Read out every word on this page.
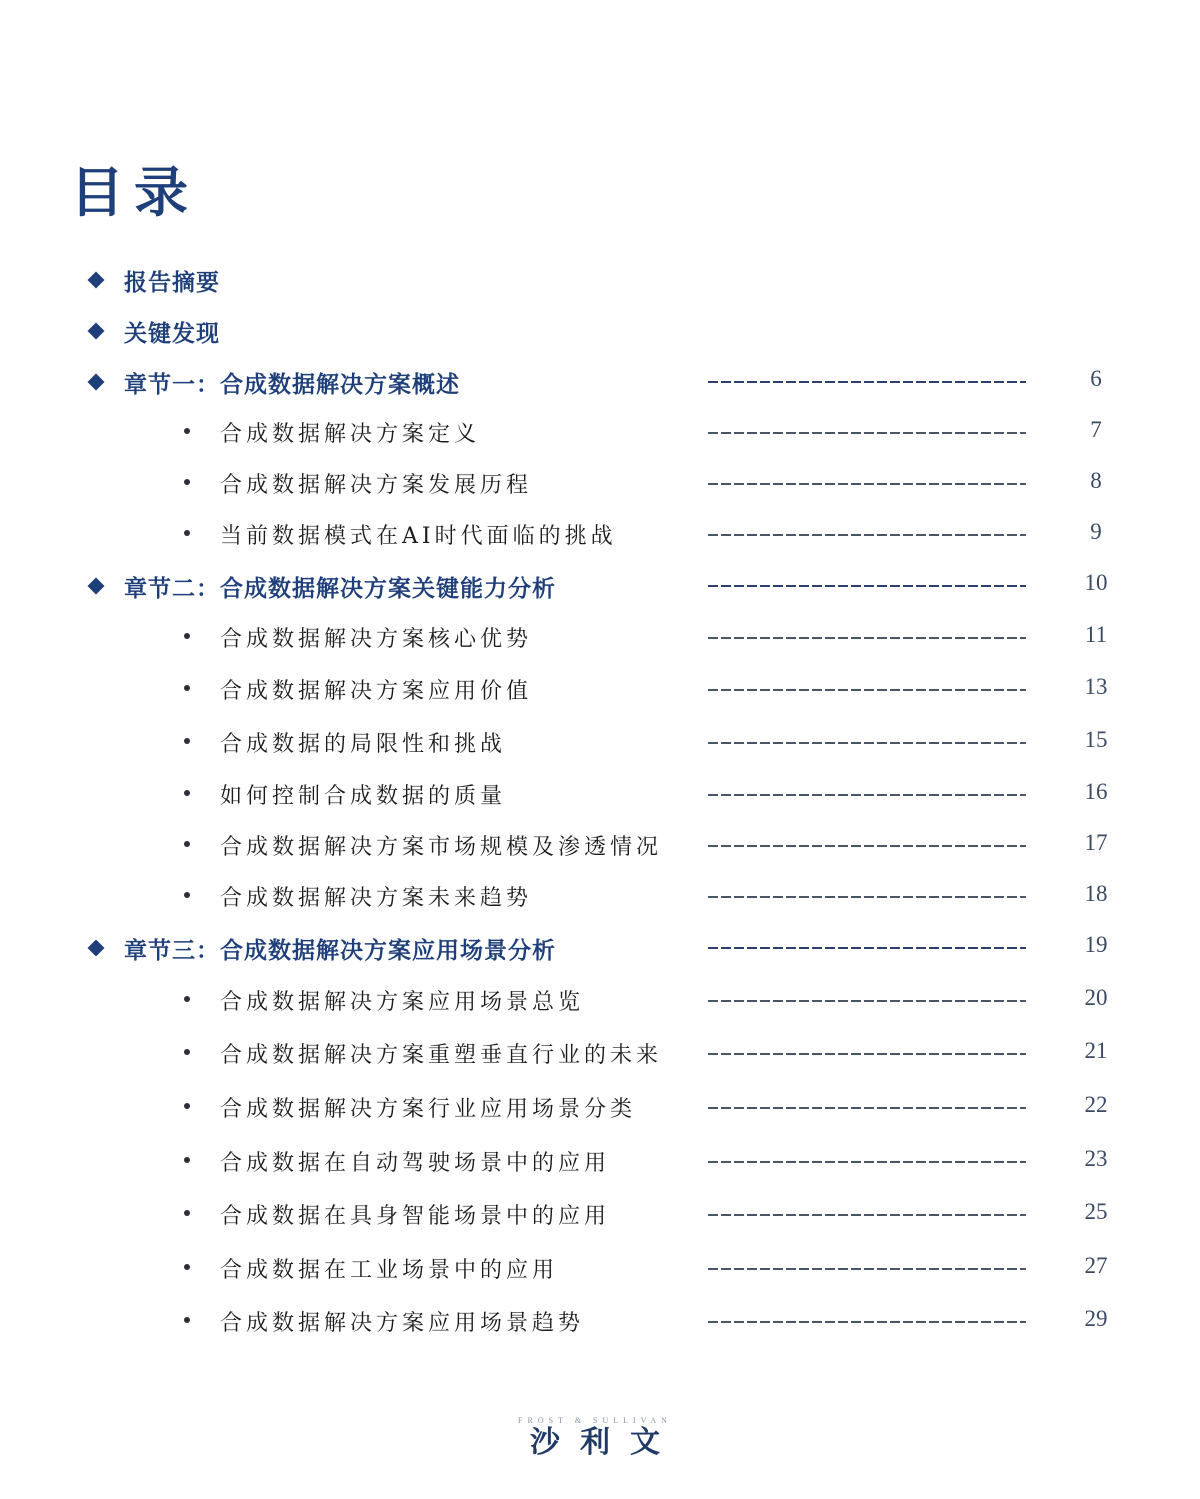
目录
报告摘要
关键发现
章节一：合成数据解决方案概述	6
合成数据解决方案定义	7
合成数据解决方案发展历程	8
当前数据模式在AI时代面临的挑战	9
章节二：合成数据解决方案关键能力分析	10
合成数据解决方案核心优势	11
合成数据解决方案应用价值	13
合成数据的局限性和挑战	15
如何控制合成数据的质量	16
合成数据解决方案市场规模及渗透情况	17
合成数据解决方案未来趋势	18
章节三：合成数据解决方案应用场景分析	19
合成数据解决方案应用场景总览	20
合成数据解决方案重塑垂直行业的未来	21
合成数据解决方案行业应用场景分类	22
合成数据在自动驾驶场景中的应用	23
合成数据在具身智能场景中的应用	25
合成数据在工业场景中的应用	27
合成数据解决方案应用场景趋势	29
FROST & SULLIVAN
沙利文
